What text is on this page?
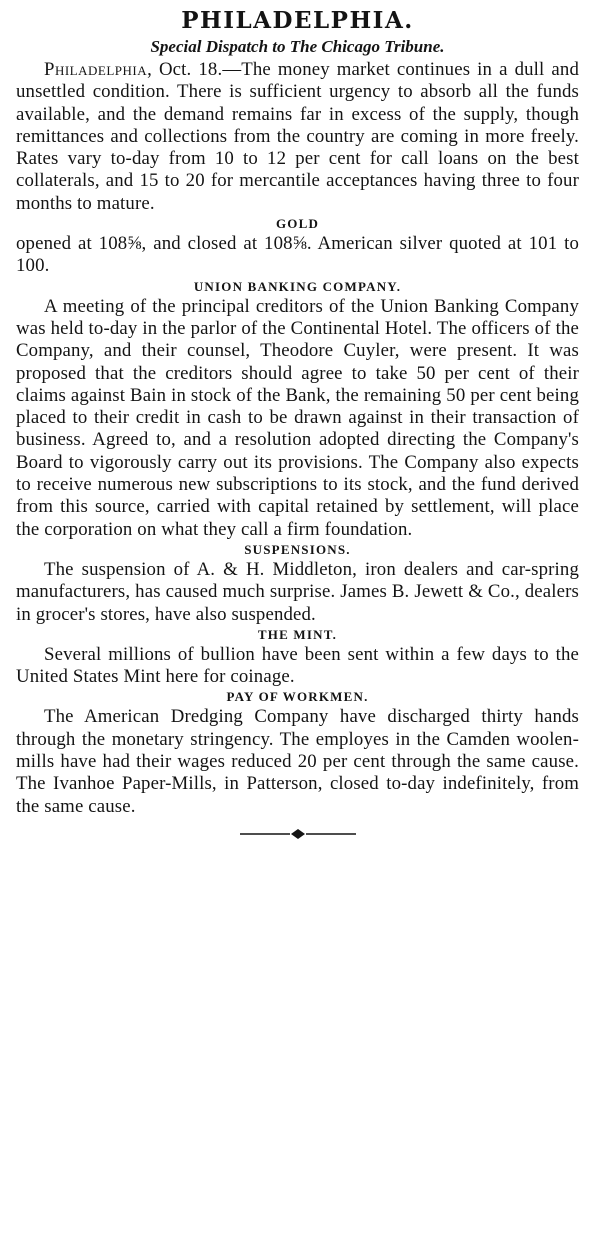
PHILADELPHIA.

Special Dispatch to The Chicago Tribune.

Philadelphia, Oct. 18.—The money market continues in a dull and unsettled condition. There is sufficient urgency to absorb all the funds available, and the demand remains far in excess of the supply, though remittances and collections from the country are coming in more freely. Rates vary to-day from 10 to 12 per cent for call loans on the best collaterals, and 15 to 20 for mercantile acceptances having three to four months to mature.

GOLD

opened at 108⅝, and closed at 108⅝. American silver quoted at 101 to 100.

UNION BANKING COMPANY.

A meeting of the principal creditors of the Union Banking Company was held to-day in the parlor of the Continental Hotel. The officers of the Company, and their counsel, Theodore Cuyler, were present. It was proposed that the creditors should agree to take 50 per cent of their claims against Bain in stock of the Bank, the remaining 50 per cent being placed to their credit in cash to be drawn against in their transaction of business. Agreed to, and a resolution adopted directing the Company's Board to vigorously carry out its provisions. The Company also expects to receive numerous new subscriptions to its stock, and the fund derived from this source, carried with capital retained by settlement, will place the corporation on what they call a firm foundation.

SUSPENSIONS.

The suspension of A. & H. Middleton, iron dealers and car-spring manufacturers, has caused much surprise. James B. Jewett & Co., dealers in grocer's stores, have also suspended.

THE MINT.

Several millions of bullion have been sent within a few days to the United States Mint here for coinage.

PAY OF WORKMEN.

The American Dredging Company have discharged thirty hands through the monetary stringency. The employes in the Camden woolen-mills have had their wages reduced 20 per cent through the same cause. The Ivanhoe Paper-Mills, in Patterson, closed to-day indefinitely, from the same cause.
